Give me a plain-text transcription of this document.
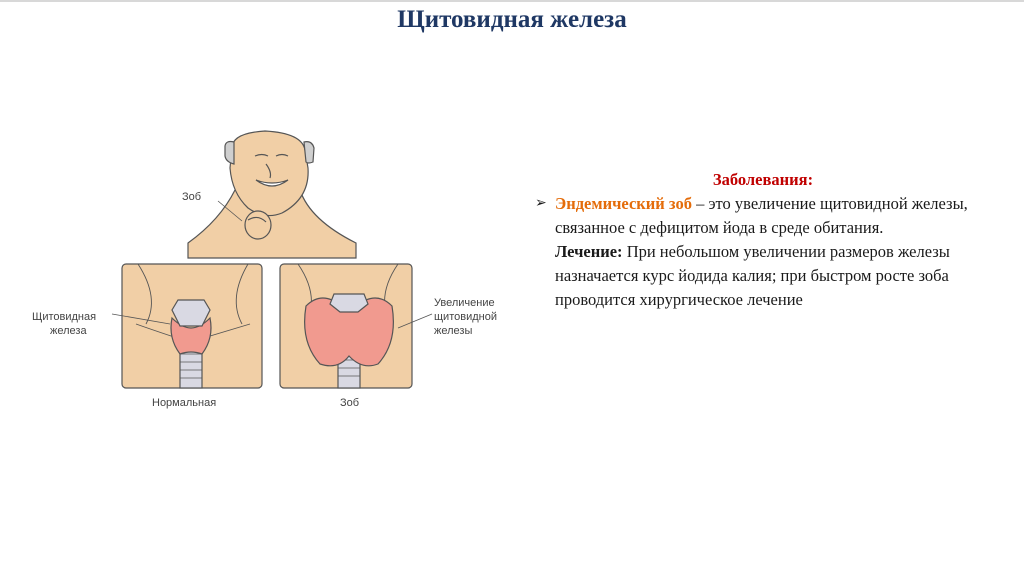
Щитовидная железа
Зоб
Щитовидная
железа
Нормальная
Увеличение
щитовидной
железы
Зоб
Заболевания:
➢ Эндемический зоб – это увеличение щитовидной железы, связанное с дефицитом йода в среде обитания.
Лечение: При небольшом увеличении размеров железы назначается курс йодида калия; при быстром росте зоба проводится хирургическое лечение
